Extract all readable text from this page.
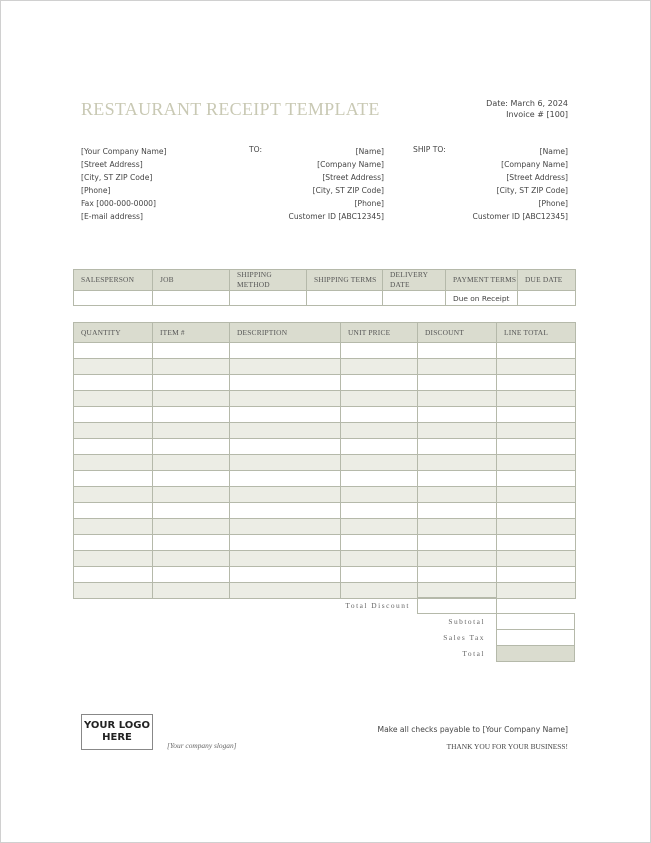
RESTAURANT RECEIPT TEMPLATE	Date: March 6, 2024
Invoice # [100]
[Your Company Name]
[Street Address]
[City, ST ZIP Code]
[Phone]
Fax [000-000-0000]
[E-mail address]
TO:	[Name]
[Company Name]
[Street Address]
[City, ST ZIP Code]
[Phone]
Customer ID [ABC12345]
SHIP TO:	[Name]
[Company Name]
[Street Address]
[City, ST ZIP Code]
[Phone]
Customer ID [ABC12345]
SALESPERSON	JOB	SHIPPING METHOD	SHIPPING TERMS	DELIVERY DATE	PAYMENT TERMS	DUE DATE
					Due on Receipt	
QUANTITY	ITEM #	DESCRIPTION	UNIT PRICE	DISCOUNT	LINE TOTAL

Total Discount
Subtotal
Sales Tax
Total
YOUR LOGO
HERE
[Your company slogan]
Make all checks payable to [Your Company Name]
THANK YOU FOR YOUR BUSINESS!
